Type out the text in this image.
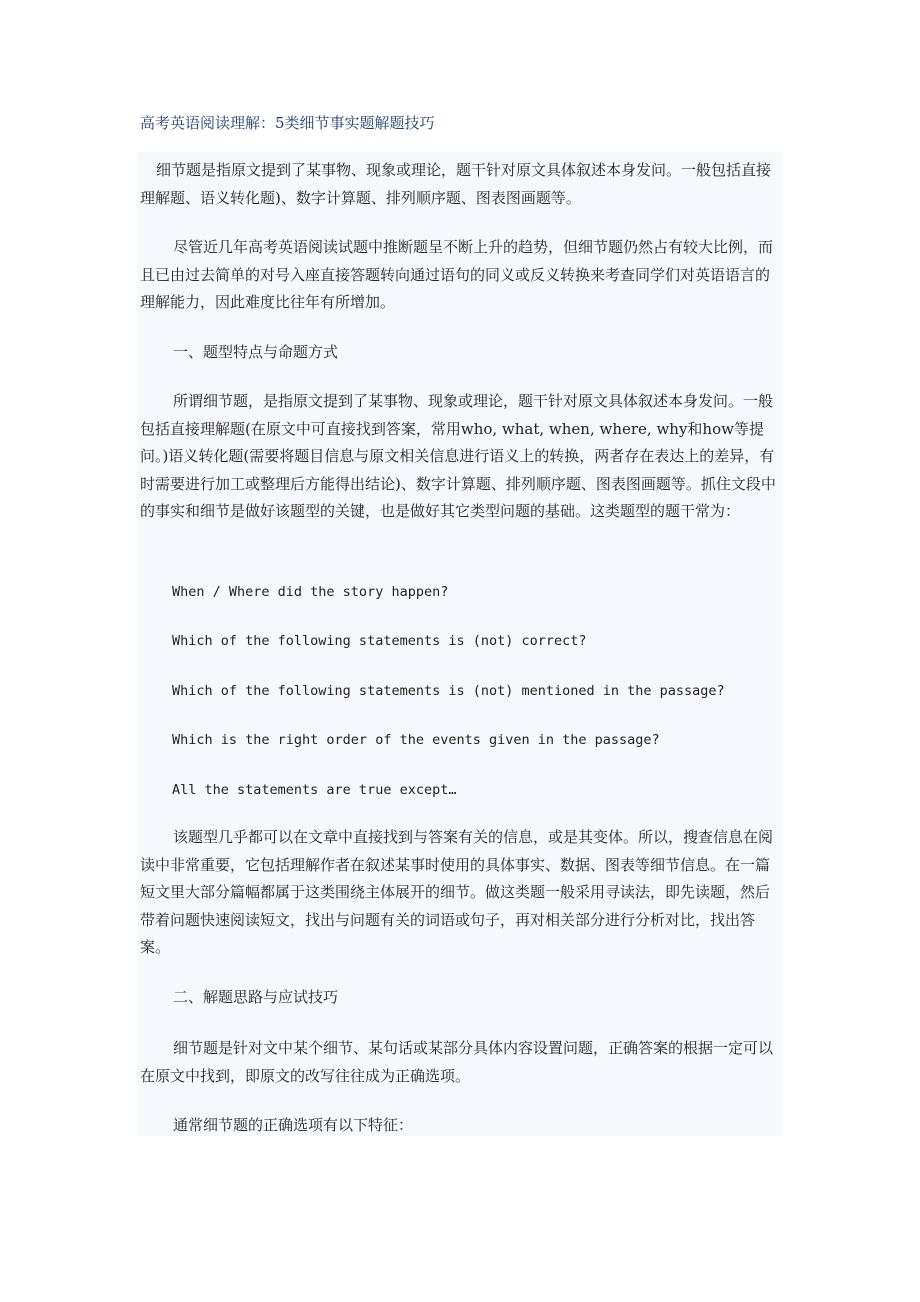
高考英语阅读理解：5类细节事实题解题技巧

细节题是指原文提到了某事物、现象或理论，题干针对原文具体叙述本身发问。一般包括直接理解题、语义转化题)、数字计算题、排列顺序题、图表图画题等。

尽管近几年高考英语阅读试题中推断题呈不断上升的趋势，但细节题仍然占有较大比例，而且已由过去简单的对号入座直接答题转向通过语句的同义或反义转换来考查同学们对英语语言的理解能力，因此难度比往年有所增加。

一、题型特点与命题方式

所谓细节题，是指原文提到了某事物、现象或理论，题干针对原文具体叙述本身发问。一般包括直接理解题(在原文中可直接找到答案，常用who, what, when, where, why和how等提问。)语义转化题(需要将题目信息与原文相关信息进行语义上的转换，两者存在表达上的差异，有时需要进行加工或整理后方能得出结论)、数字计算题、排列顺序题、图表图画题等。抓住文段中的事实和细节是做好该题型的关键，也是做好其它类型问题的基础。这类题型的题干常为：

When / Where did the story happen?

Which of the following statements is (not) correct?

Which of the following statements is (not) mentioned in the passage?

Which is the right order of the events given in the passage?

All the statements are true except…

该题型几乎都可以在文章中直接找到与答案有关的信息，或是其变体。所以，搜查信息在阅读中非常重要，它包括理解作者在叙述某事时使用的具体事实、数据、图表等细节信息。在一篇短文里大部分篇幅都属于这类围绕主体展开的细节。做这类题一般采用寻读法，即先读题，然后带着问题快速阅读短文，找出与问题有关的词语或句子，再对相关部分进行分析对比，找出答案。

二、解题思路与应试技巧

细节题是针对文中某个细节、某句话或某部分具体内容设置问题，正确答案的根据一定可以在原文中找到，即原文的改写往往成为正确选项。

通常细节题的正确选项有以下特征：
